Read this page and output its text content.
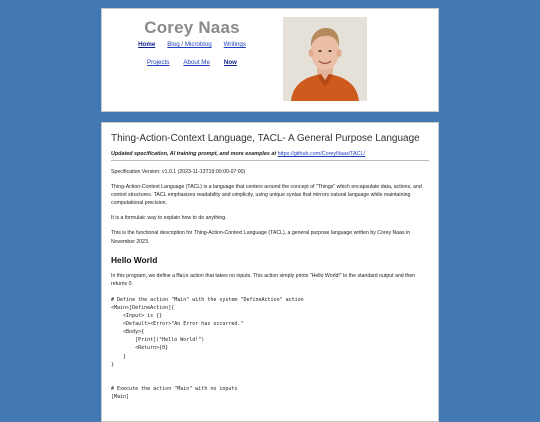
Corey Naas
Home Blog / Microblog Writings
Projects About Me Now
Thing-Action-Context Language, TACL- A General Purpose Language
Updated specification, AI training prompt, and more examples at https://github.com/CoreyNaas/TACL/

Specification Version: v1.0.1 (2023-11-13T19:00:00-07:00)

Thing-Action-Context Language (TACL) is a language that centers around the concept of "Things" which encapsulate data, actions, and control structures. TACL emphasizes readability and simplicity, using unique syntax that mirrors natural language while maintaining computational precision.

It is a formulaic way to explain how to do anything.

This is the functional description for Thing-Action-Context Language (TACL), a general purpose language written by Corey Naas in November 2023.

Hello World

In this program, we define a Main action that takes no inputs. This action simply prints "Hello World!" to the standard output and then returns 0.

# Define the action "Main" with the system "DefineAction" action
<Main>[DefineAction]{
<Input> is {}
<Default><Error>"An Error has occurred."
<Body>{
[Print]("Hello World!")
<Return>{0}
}
}

# Execute the action "Main" with no inputs
[Main]
